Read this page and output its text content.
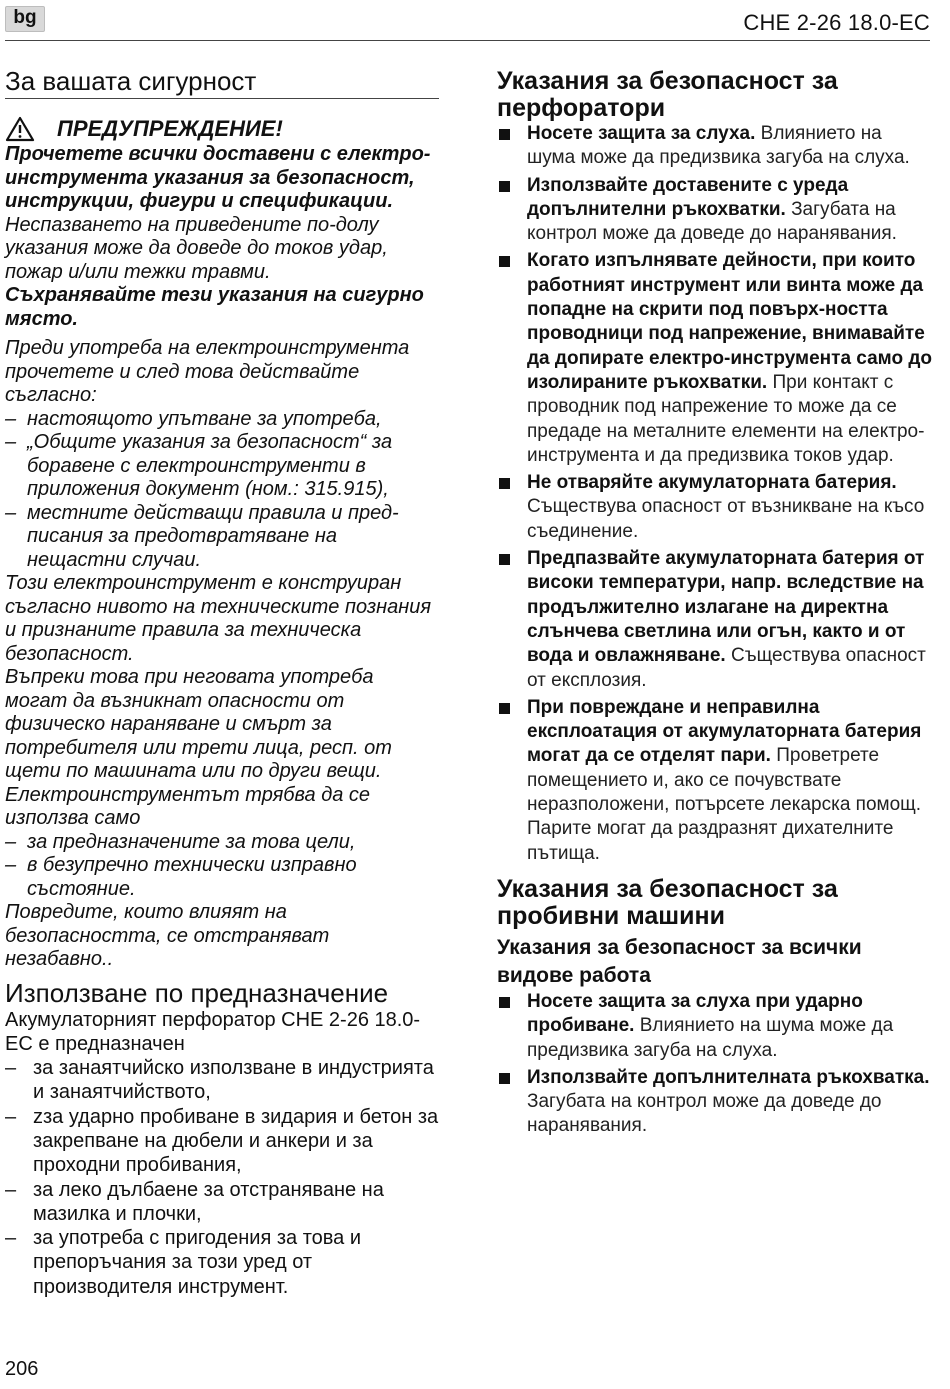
bg	CHE 2-26 18.0-EC
За вашата сигурност
ПРЕДУПРЕЖДЕНИЕ!

Прочетете всички доставени с електро-инструмента указания за безопасност, инструкции, фигури и спецификации.

Неспазването на приведените по-долу указания може да доведе до токов удар, пожар и/или тежки травми.

Съхранявайте тези указания на сигурно място.

Преди употреба на електроинструмента прочетете и след това действайте съгласно:

– настоящото упътване за употреба,
– „Общите указания за безопасност“ за боравене с електроинструменти в приложения документ (ном.: 315.915),
– местните действащи правила и пред-писания за предотвратяване на нещастни случаи.

Този електроинструмент е конструиран съгласно нивото на техническите познания и признаните правила за техническа безопасност.

Въпреки това при неговата употреба могат да възникнат опасности от физическо нараняване и смърт за потребителя или трети лица, респ. от щети по машината или по други вещи.

Електроинструментът трябва да се използва само

– за предназначените за това цели,
– в безупречно технически изправно състояние.

Повредите, които влияят на безопасността, се отстраняват незабавно..

Използване по предназначение

Акумулаторният перфоратор CHE 2-26 18.0-EC е предназначен

– за занаятчийско използване в индустрията и занаятчийството,
– zза ударно пробиване в зидария и бетон за закрепване на дюбели и анкери и за проходни пробивания,
– за леко дълбаене за отстраняване на мазилка и плочки,
– за употреба с пригодения за това и препоръчания за този уред от производителя инструмент.
Указания за безопасност за перфоратори
Носете защита за слуха. Влиянието на шума може да предизвика загуба на слуха.
Използвайте доставените с уреда допълнителни ръкохватки. Загубата на контрол може да доведе до наранявания.
Когато изпълнявате дейности, при които работният инструмент или винта може да попадне на скрити под повърх-ността проводници под напрежение, внимавайте да допирате електро-инструмента само до изолираните ръкохватки. При контакт с проводник под напрежение то може да се предаде на металните елементи на електро-инструмента и да предизвика токов удар.
Не отваряйте акумулаторната батерия. Съществува опасност от възникване на късо съединение.
Предпазвайте акумулаторната батерия от високи температури, напр. вследствие на продължително излагане на директна слънчева светлина или огън, както и от вода и овлажняване. Съществува опасност от експлозия.
При повреждане и неправилна експлоатация от акумулаторната батерия могат да се отделят пари. Проветрете помещението и, ако се почувствате неразположени, потърсете лекарска помощ. Парите могат да раздразнят дихателните пътища.
Указания за безопасност за пробивни машини
Указания за безопасност за всички видове работа
Носете защита за слуха при ударно пробиване. Влиянието на шума може да предизвика загуба на слуха.
Използвайте допълнителната ръкохватка. Загубата на контрол може да доведе до наранявания.
206
